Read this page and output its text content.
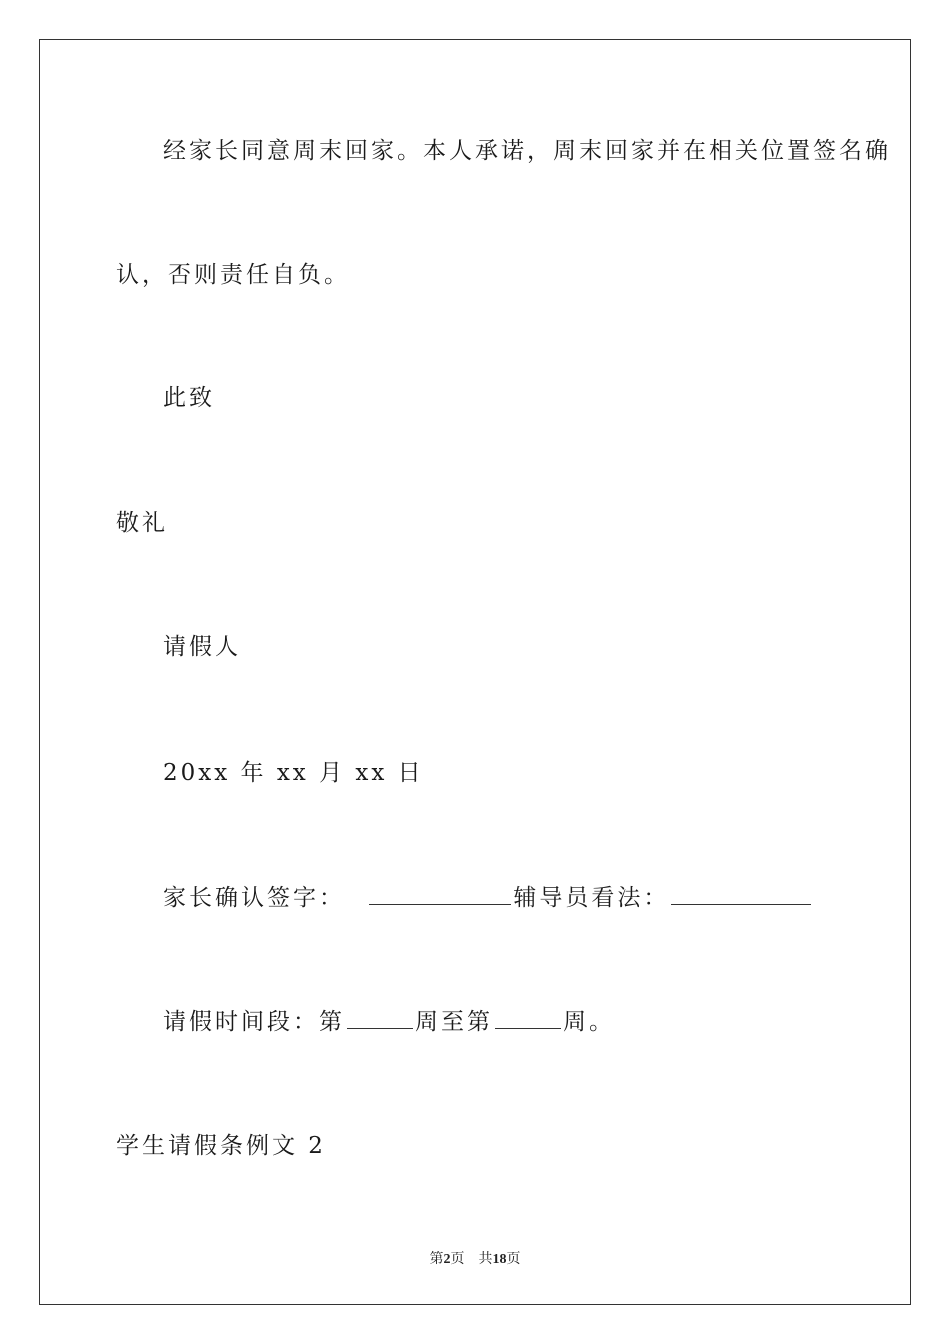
经家长同意周末回家。本人承诺，周末回家并在相关位置签名确
认，否则责任自负。
此致
敬礼
请假人
20xx 年 xx 月 xx 日
家长确认签字：	辅导员看法：
请假时间段：第	周至第	周。
学生请假条例文 2
第2页 共18页
